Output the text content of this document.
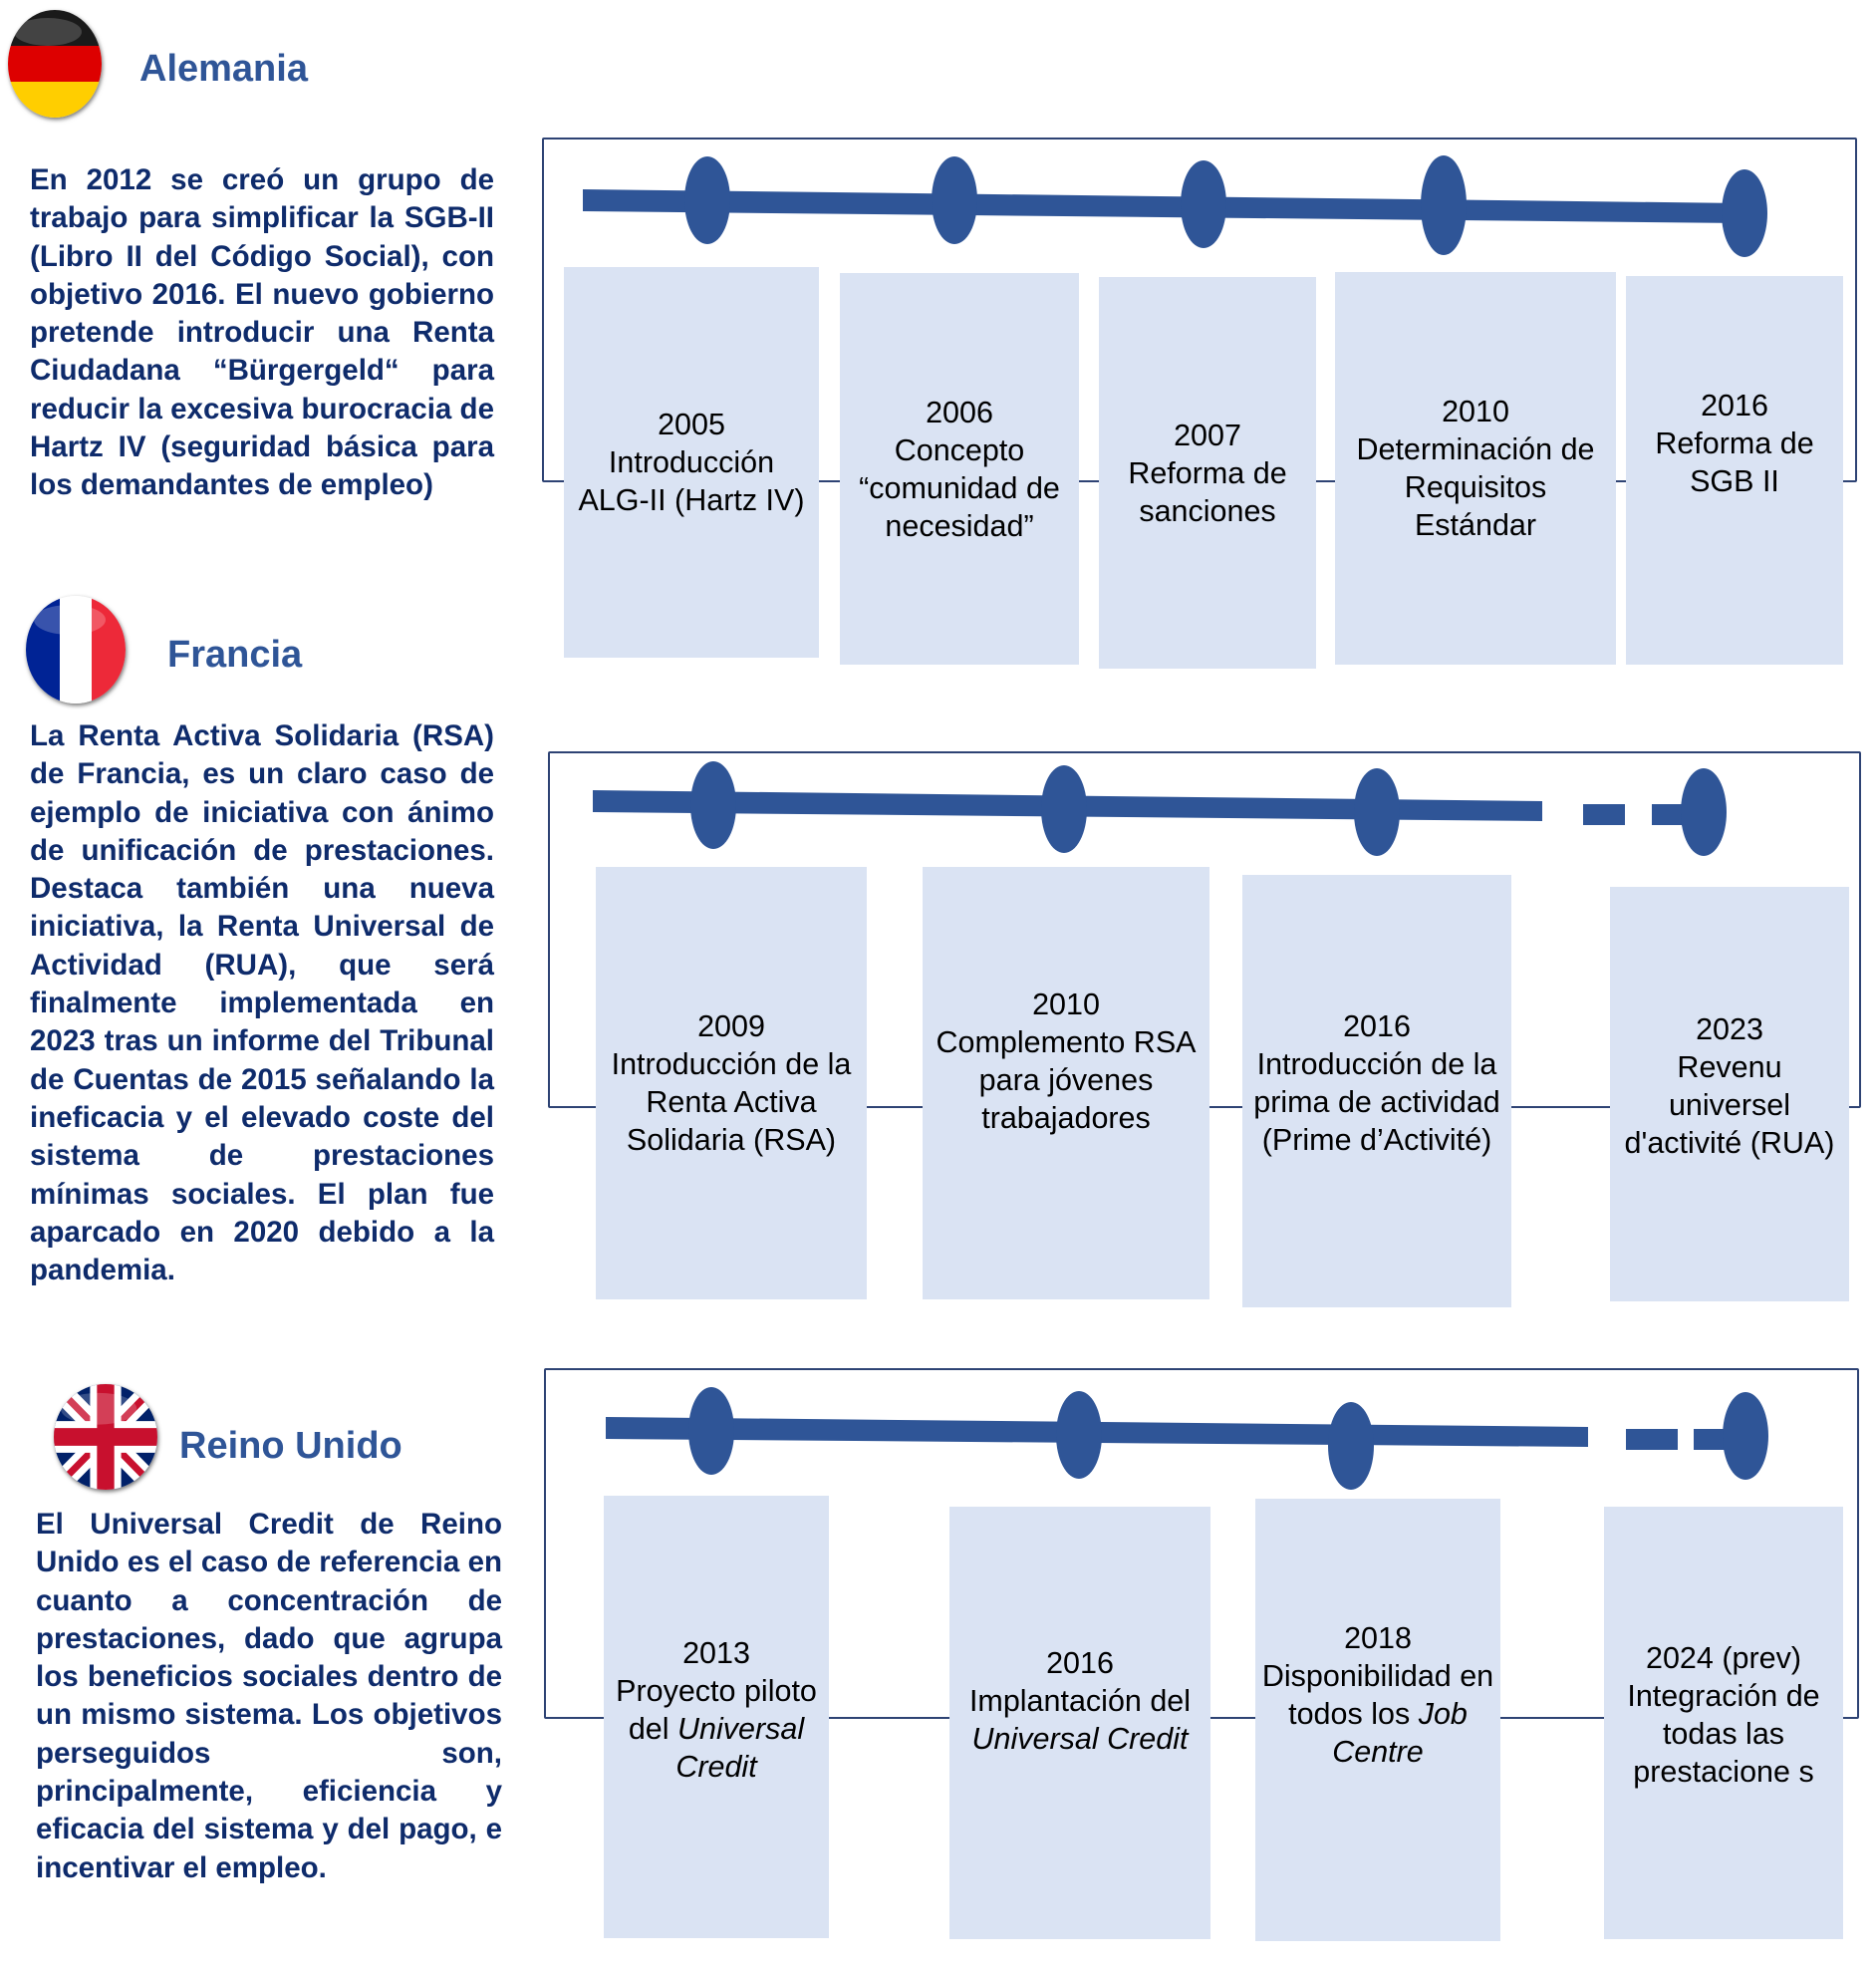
Alemania

En 2012 se creó un grupo de trabajo para simplificar la SGB-II (Libro II del Código Social), con objetivo 2016. El nuevo gobierno pretende introducir una Renta Ciudadana “Bürgergeld“ para reducir la excesiva burocracia de Hartz IV (seguridad básica para los demandantes de empleo)

Francia

La Renta Activa Solidaria (RSA) de Francia, es un claro caso de ejemplo de iniciativa con ánimo de unificación de prestaciones. Destaca también una nueva iniciativa, la Renta Universal de Actividad (RUA), que será finalmente implementada en 2023 tras un informe del Tribunal de Cuentas de 2015 señalando la ineficacia y el elevado coste del sistema de prestaciones mínimas sociales. El plan fue aparcado en 2020 debido a la pandemia.

Reino Unido

El Universal Credit de Reino Unido es el caso de referencia en cuanto a concentración de prestaciones, dado que agrupa los beneficios sociales dentro de un mismo sistema. Los objetivos perseguidos son, principalmente, eficiencia y eficacia del sistema y del pago, e incentivar el empleo.

2005
Introducción ALG-II (Hartz IV)
2006
Concepto “comunidad de necesidad”
2007
Reforma de sanciones
2010
Determinación de Requisitos Estándar
2016
Reforma de SGB II
2009
Introducción de la Renta Activa Solidaria (RSA)
2010
Complemento RSA para jóvenes trabajadores
2016
Introducción de la prima de actividad (Prime d’Activité)
2023
Revenu universel d'activité (RUA)
2013
Proyecto piloto del Universal Credit
2016
Implantación del Universal Credit
2018
Disponibilidad en todos los Job Centre
2024 (prev)
Integración de todas las prestacione s
